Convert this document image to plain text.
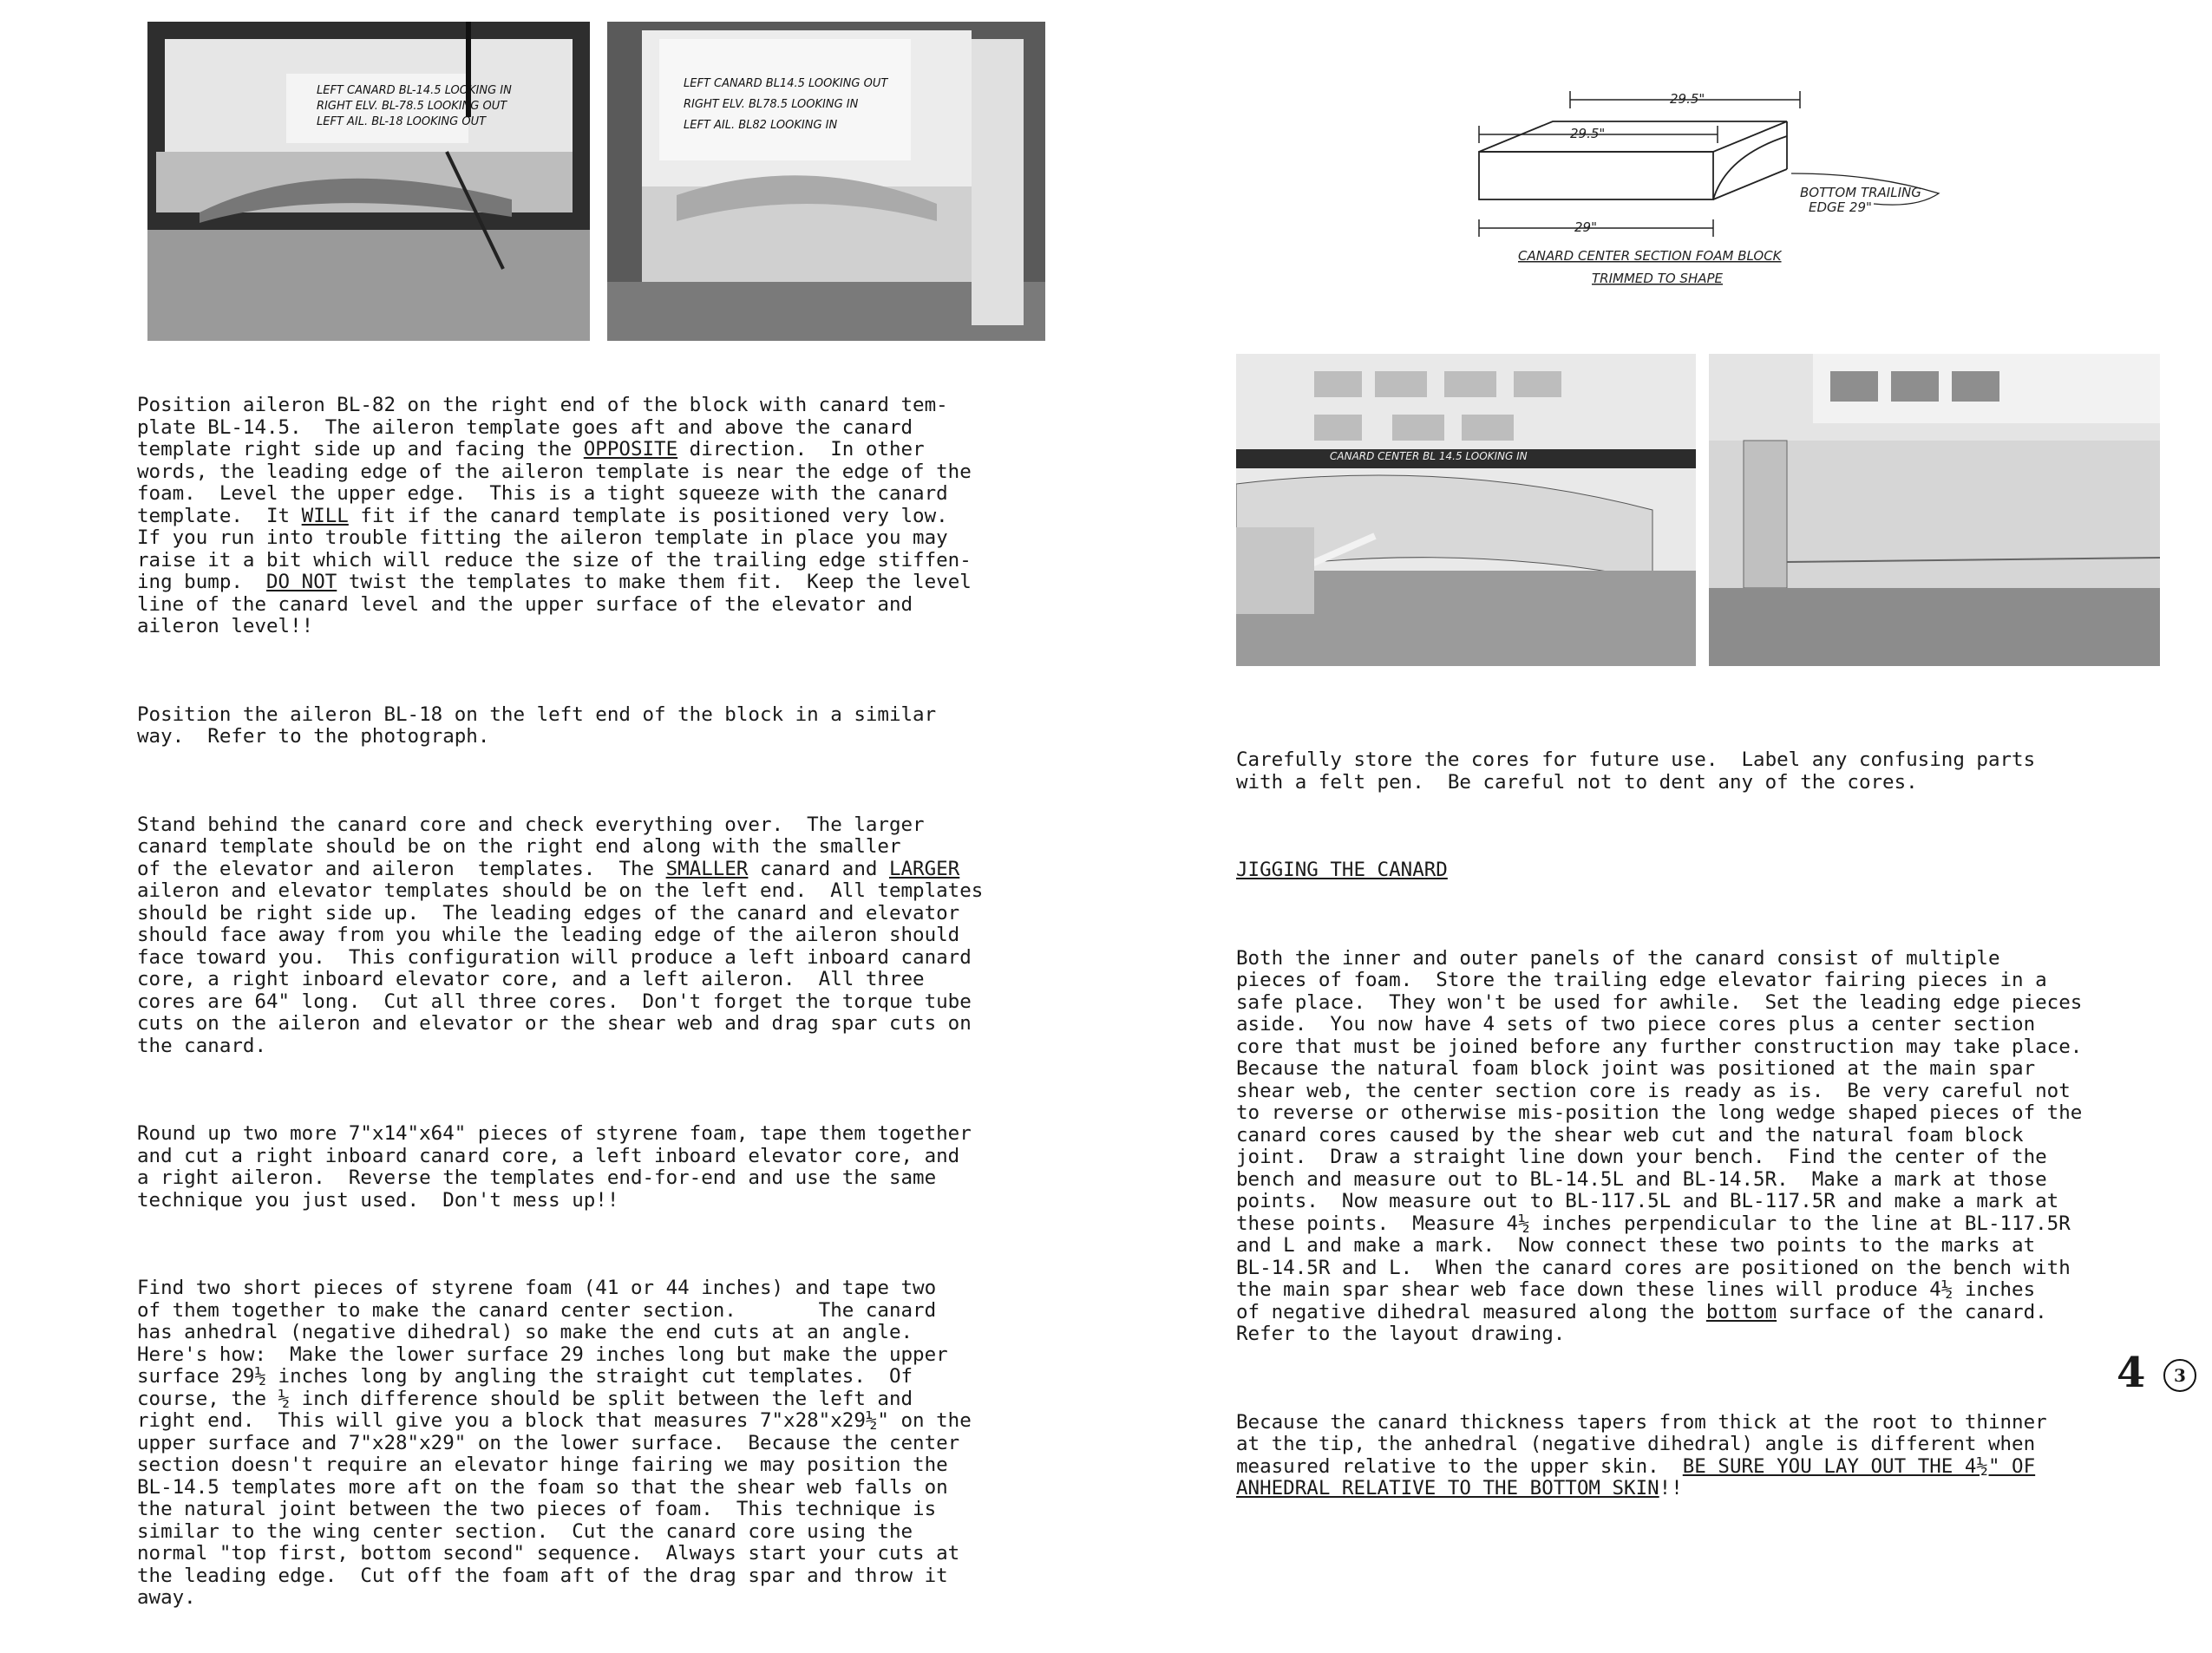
LEFT CANARD BL-14.5 LOOKING IN
RIGHT ELV. BL-78.5 LOOKING OUT
LEFT AIL. BL-18 LOOKING OUT
LEFT CANARD BL14.5 LOOKING OUT
RIGHT ELV. BL78.5 LOOKING IN
LEFT AIL. BL82 LOOKING IN
29.5"
29.5"
29"
BOTTOM TRAILING
EDGE 29"
CANARD CENTER SECTION FOAM BLOCK
TRIMMED TO SHAPE
CANARD CENTER BL 14.5 LOOKING IN

Position aileron BL-82 on the right end of the block with canard tem-
plate BL-14.5.  The aileron template goes aft and above the canard
template right side up and facing the OPPOSITE direction.  In other
words, the leading edge of the aileron template is near the edge of the
foam.  Level the upper edge.  This is a tight squeeze with the canard
template.  It WILL fit if the canard template is positioned very low.
If you run into trouble fitting the aileron template in place you may
raise it a bit which will reduce the size of the trailing edge stiffen-
ing bump.  DO NOT twist the templates to make them fit.  Keep the level
line of the canard level and the upper surface of the elevator and
aileron level!!

Position the aileron BL-18 on the left end of the block in a similar
way.  Refer to the photograph.

Stand behind the canard core and check everything over.  The larger
canard template should be on the right end along with the smaller
of the elevator and aileron  templates.  The SMALLER canard and LARGER
aileron and elevator templates should be on the left end.  All templates
should be right side up.  The leading edges of the canard and elevator
should face away from you while the leading edge of the aileron should
face toward you.  This configuration will produce a left inboard canard
core, a right inboard elevator core, and a left aileron.  All three
cores are 64" long.  Cut all three cores.  Don't forget the torque tube
cuts on the aileron and elevator or the shear web and drag spar cuts on
the canard.

Round up two more 7"x14"x64" pieces of styrene foam, tape them together
and cut a right inboard canard core, a left inboard elevator core, and
a right aileron.  Reverse the templates end-for-end and use the same
technique you just used.  Don't mess up!!

Find two short pieces of styrene foam (41 or 44 inches) and tape two
of them together to make the canard center section.       The canard
has anhedral (negative dihedral) so make the end cuts at an angle.
Here's how:  Make the lower surface 29 inches long but make the upper
surface 29½ inches long by angling the straight cut templates.  Of
course, the ½ inch difference should be split between the left and
right end.  This will give you a block that measures 7"x28"x29½" on the
upper surface and 7"x28"x29" on the lower surface.  Because the center
section doesn't require an elevator hinge fairing we may position the
BL-14.5 templates more aft on the foam so that the shear web falls on
the natural joint between the two pieces of foam.  This technique is
similar to the wing center section.  Cut the canard core using the
normal "top first, bottom second" sequence.  Always start your cuts at
the leading edge.  Cut off the foam aft of the drag spar and throw it
away.

Carefully store the cores for future use.  Label any confusing parts
with a felt pen.  Be careful not to dent any of the cores.

JIGGING THE CANARD

Both the inner and outer panels of the canard consist of multiple
pieces of foam.  Store the trailing edge elevator fairing pieces in a
safe place.  They won't be used for awhile.  Set the leading edge pieces
aside.  You now have 4 sets of two piece cores plus a center section
core that must be joined before any further construction may take place.
Because the natural foam block joint was positioned at the main spar
shear web, the center section core is ready as is.  Be very careful not
to reverse or otherwise mis-position the long wedge shaped pieces of the
canard cores caused by the shear web cut and the natural foam block
joint.  Draw a straight line down your bench.  Find the center of the
bench and measure out to BL-14.5L and BL-14.5R.  Make a mark at those
points.  Now measure out to BL-117.5L and BL-117.5R and make a mark at
these points.  Measure 4½ inches perpendicular to the line at BL-117.5R
and L and make a mark.  Now connect these two points to the marks at
BL-14.5R and L.  When the canard cores are positioned on the bench with
the main spar shear web face down these lines will produce 4½ inches
of negative dihedral measured along the bottom surface of the canard.
Refer to the layout drawing.

Because the canard thickness tapers from thick at the root to thinner
at the tip, the anhedral (negative dihedral) angle is different when
measured relative to the upper skin.  BE SURE YOU LAY OUT THE 4½" OF
ANHEDRAL RELATIVE TO THE BOTTOM SKIN!!

4	3
